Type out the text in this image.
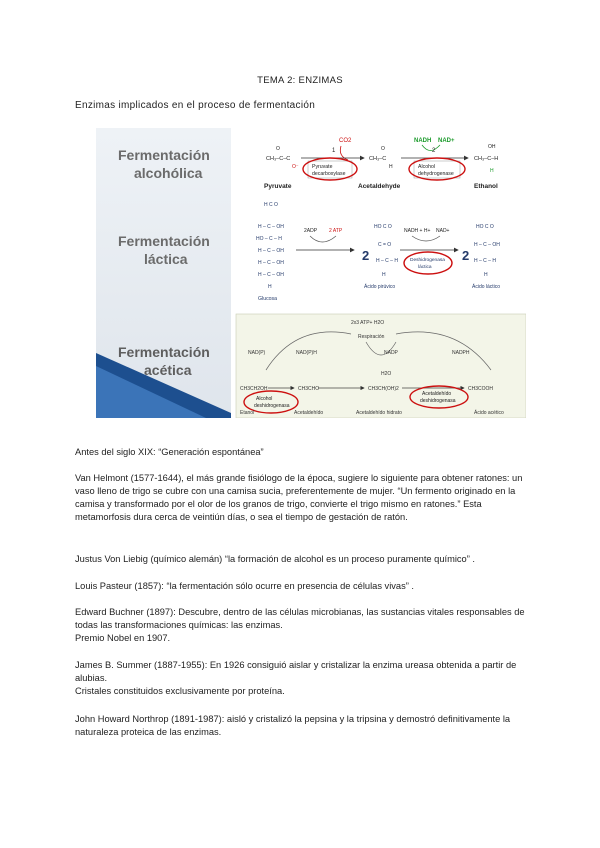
TEMA 2: ENZIMAS
Enzimas implicados en el proceso de fermentación
Fermentación
alcohólica
Fermentación
láctica
Fermentación
acética
CH₃–C–C
O
O⁻
CO2
1
Pyruvate
decarboxylase
CH₃–C
O
H
NADH NAD+
2
Alcohol
dehydrogenase
CH₃–C–H
OH
H
Pyruvate	Acetaldehyde	Ethanol
H C O
H – C – OH
HO – C – H
H – C – OH
H – C – OH
H – C – OH
H
Glucosa
2ADP 2 ATP
2
HO C O
C = O
H – C – H
H
Ácido pirúvico
NADH + H+ NAD+
Deshidrogenasa
láctica
2
HO C O
H – C – OH
H – C – H
H
Ácido láctico
2x3 ATP+ H2O
Respiración
NAD(P)	NAD(P)H	NADP	NADPH
H2O
CH3CH2OH	CH3CHO	CH3CH(OH)2	CH3COOH
Alcohol
deshidrogenasa
Acetaldehído
deshidrogenasa
Etanol	Acetaldehído	Acetaldehído hidrato	Ácido acético
Antes del siglo XIX: “Generación espontánea”

Van Helmont (1577-1644), el más grande fisiólogo de la época, sugiere lo siguiente para obtener ratones: un vaso lleno de trigo se cubre con una camisa sucia, preferentemente de mujer. “Un fermento originado en la camisa y transformado por el olor de los granos de trigo, convierte el trigo mismo en ratones.” Esta metamorfosis dura cerca de veintiún días, o sea el tiempo de gestación de ratón.

Justus Von Liebig (químico alemán) “la formación de alcohol es un proceso puramente químico” .

Louis Pasteur (1857): “la fermentación sólo ocurre en presencia de células vivas” .

Edward Buchner (1897): Descubre, dentro de las células microbianas, las sustancias vitales responsables de todas las transformaciones químicas: las enzimas.

Premio Nobel en 1907.

James B. Summer (1887-1955): En 1926 consiguió aislar y cristalizar la enzima ureasa obtenida a partir de alubias.

Cristales constituidos exclusivamente por proteína.

John Howard Northrop (1891-1987): aisló y cristalizó la pepsina y la tripsina y demostró definitivamente la naturaleza proteica de las enzimas.
